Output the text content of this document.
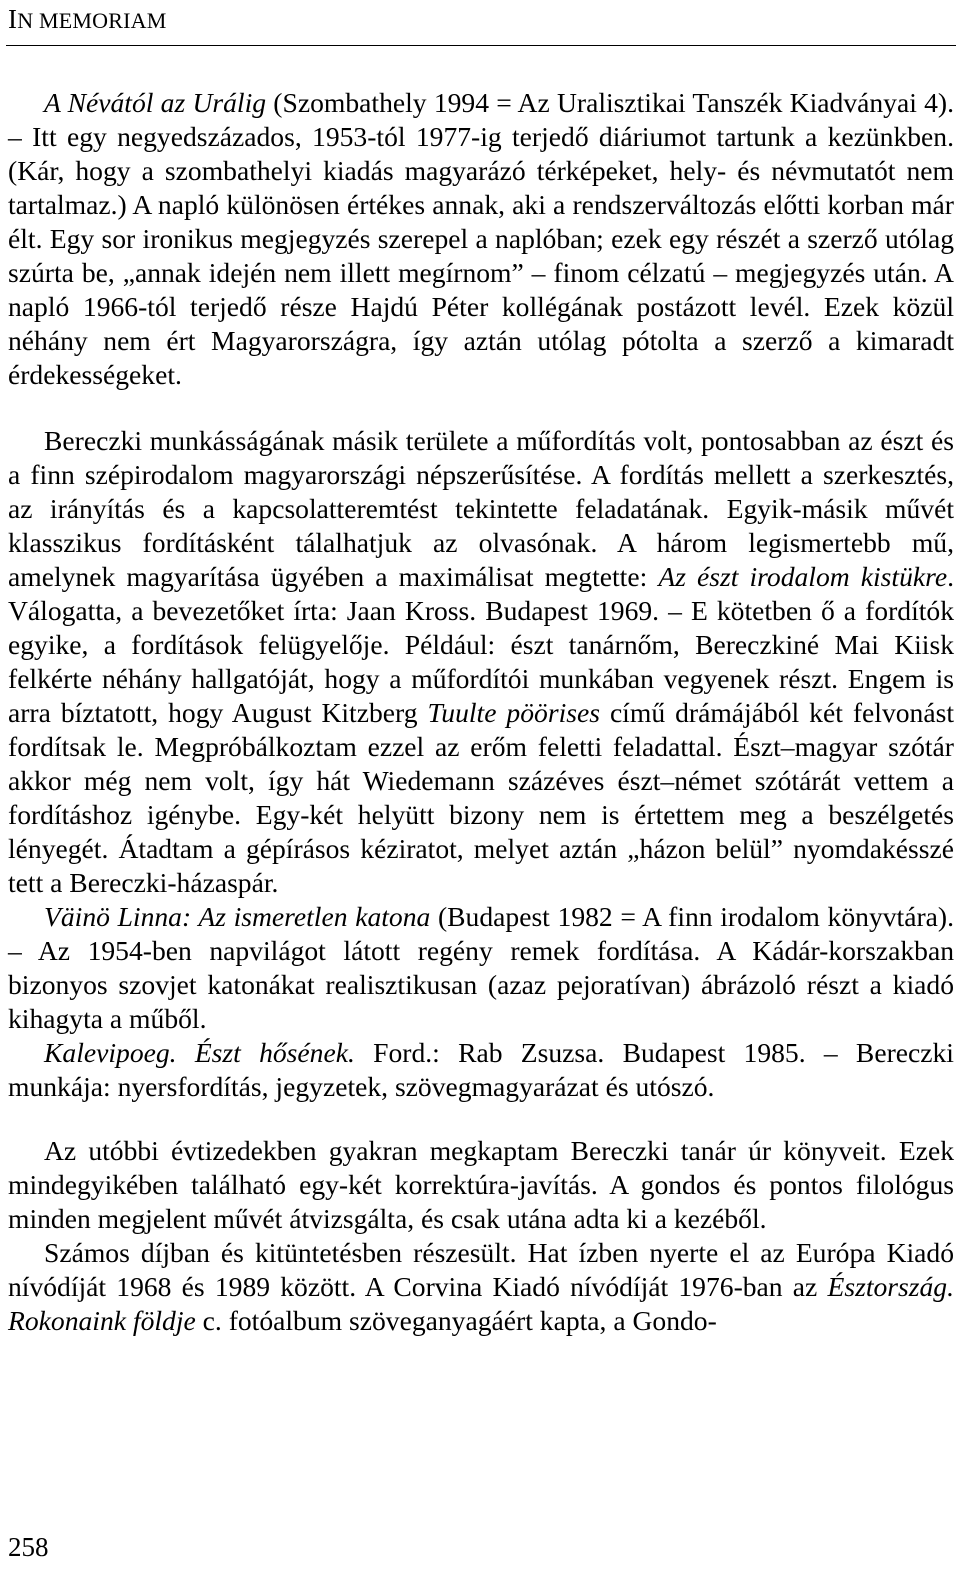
IN MEMORIAM

A Névától az Urálig (Szombathely 1994 = Az Uralisztikai Tanszék Kiadványai 4). – Itt egy negyedszázados, 1953-tól 1977-ig terjedő diáriumot tartunk a kezünkben. (Kár, hogy a szombathelyi kiadás magyarázó térképeket, hely- és névmutatót nem tartalmaz.) A napló különösen értékes annak, aki a rendszerváltozás előtti korban már élt. Egy sor ironikus megjegyzés szerepel a naplóban; ezek egy részét a szerző utólag szúrta be, „annak idején nem illett megírnom” – finom célzatú – megjegyzés után. A napló 1966-tól terjedő része Hajdú Péter kollégának postázott levél. Ezek közül néhány nem ért Magyarországra, így aztán utólag pótolta a szerző a kimaradt érdekességeket.

Bereczki munkásságának másik területe a műfordítás volt, pontosabban az észt és a finn szépirodalom magyarországi népszerűsítése. A fordítás mellett a szerkesztés, az irányítás és a kapcsolatteremtést tekintette feladatának. Egyik-másik művét klasszikus fordításként tálalhatjuk az olvasónak. A három legismertebb mű, amelynek magyarítása ügyében a maximálisat megtette: Az észt irodalom kistükre. Válogatta, a bevezetőket írta: Jaan Kross. Budapest 1969. – E kötetben ő a fordítók egyike, a fordítások felügyelője. Például: észt tanárnőm, Bereczkiné Mai Kiisk felkérte néhány hallgatóját, hogy a műfordítói munkában vegyenek részt. Engem is arra bíztatott, hogy August Kitzberg Tuulte pöörises című drámájából két felvonást fordítsak le. Megpróbálkoztam ezzel az erőm feletti feladattal. Észt–magyar szótár akkor még nem volt, így hát Wiedemann százéves észt–német szótárát vettem a fordításhoz igénybe. Egy-két helyütt bizony nem is értettem meg a beszélgetés lényegét. Átadtam a gépírásos kéziratot, melyet aztán „házon belül” nyomdakésszé tett a Bereczki-házaspár.

Väinö Linna: Az ismeretlen katona (Budapest 1982 = A finn irodalom könyvtára). – Az 1954-ben napvilágot látott regény remek fordítása. A Kádár-korszakban bizonyos szovjet katonákat realisztikusan (azaz pejoratívan) ábrázoló részt a kiadó kihagyta a műből.

Kalevipoeg. Észt hősének. Ford.: Rab Zsuzsa. Budapest 1985. – Bereczki munkája: nyersfordítás, jegyzetek, szövegmagyarázat és utószó.

Az utóbbi évtizedekben gyakran megkaptam Bereczki tanár úr könyveit. Ezek mindegyikében található egy-két korrektúra-javítás. A gondos és pontos filológus minden megjelent művét átvizsgálta, és csak utána adta ki a kezéből.

Számos díjban és kitüntetésben részesült. Hat ízben nyerte el az Európa Kiadó nívódíját 1968 és 1989 között. A Corvina Kiadó nívódíját 1976-ban az Észtország. Rokonaink földje c. fotóalbum szöveganyagáért kapta, a Gondo-

258
